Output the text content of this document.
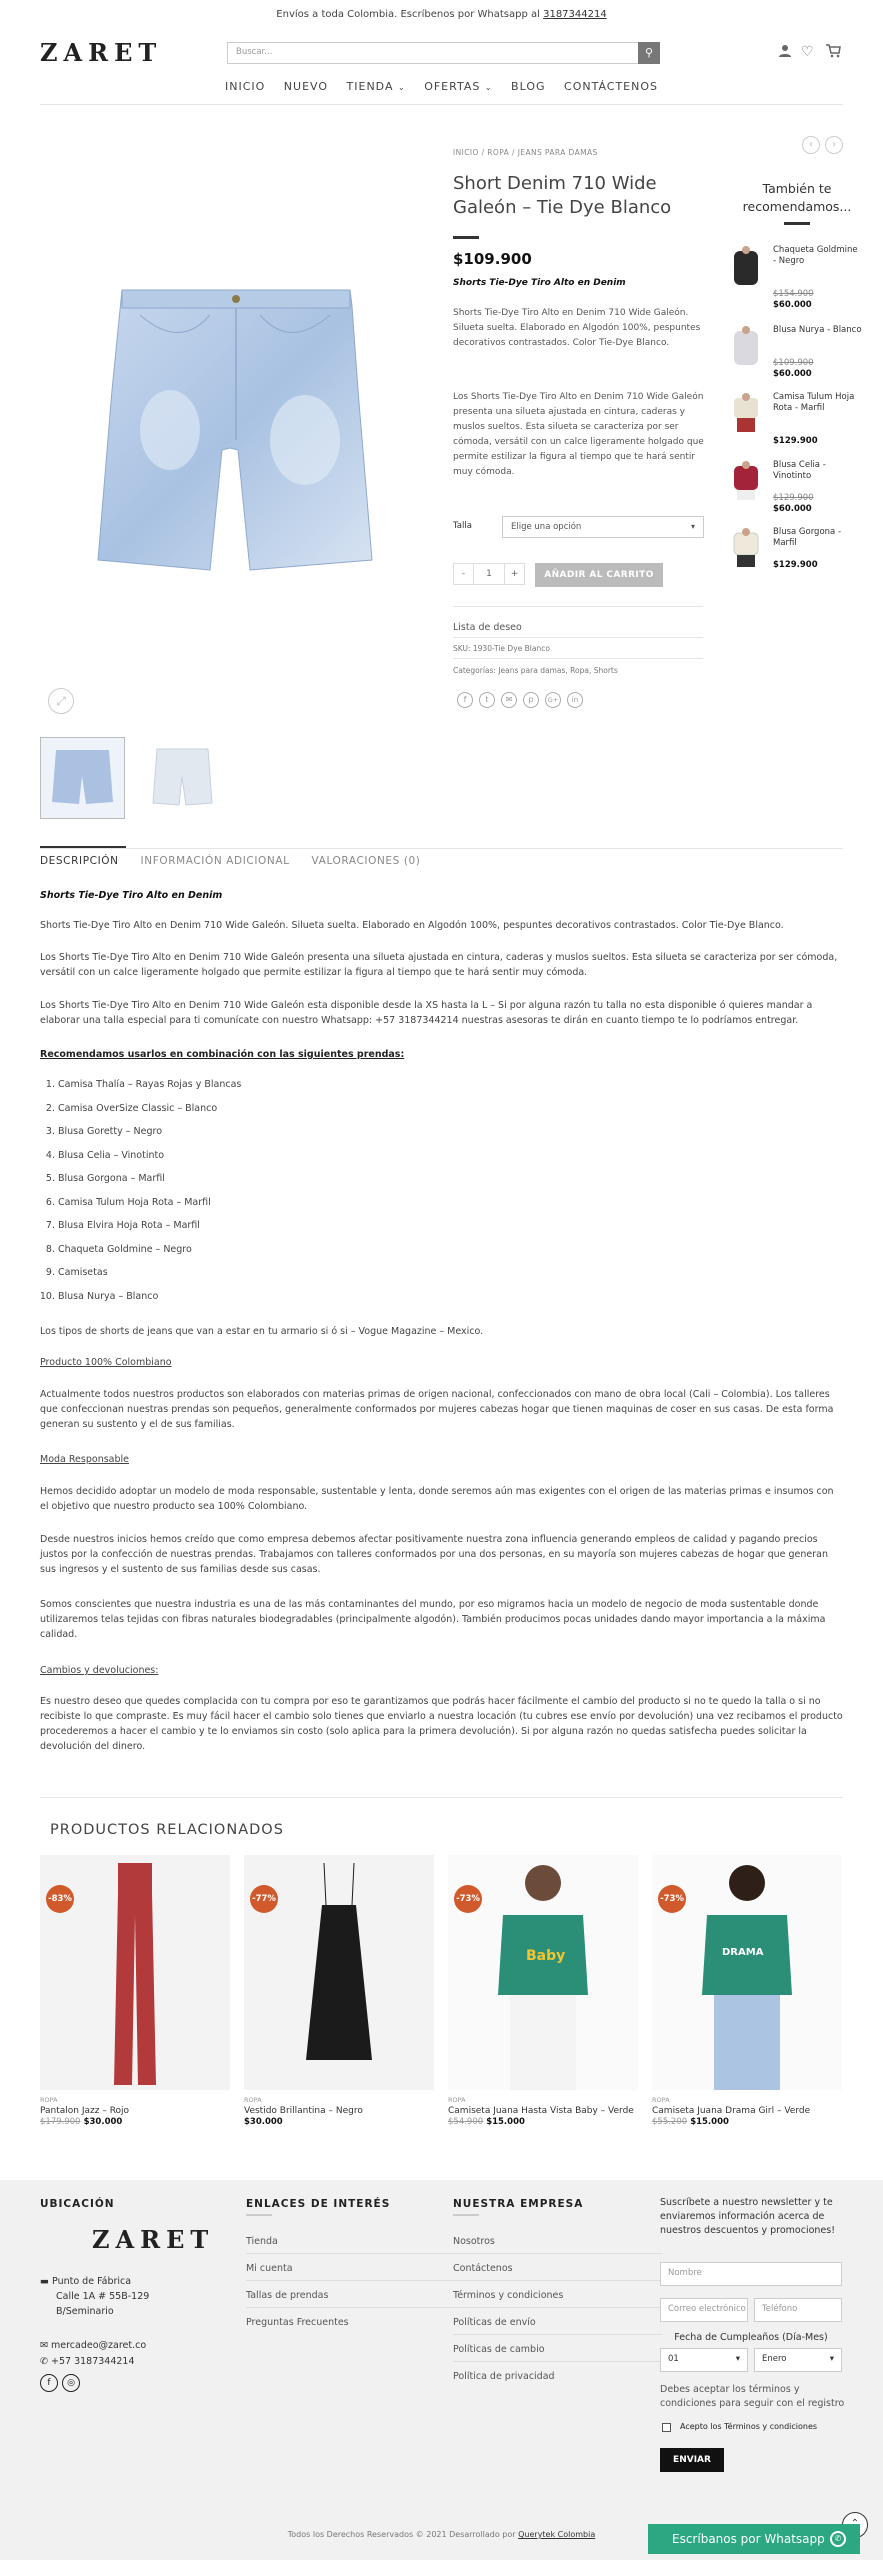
Envíos a toda Colombia. Escríbenos por Whatsapp al 3187344214
ZARET	Buscar...	⚲	♡
INICIO NUEVO TIENDA ⌄ OFERTAS ⌄ BLOG CONTÁCTENOS
⤢
INICIO / ROPA / JEANS PARA DAMAS
‹	›
Short Denim 710 Wide Galeón – Tie Dye Blanco
$109.900
Shorts Tie-Dye Tiro Alto en Denim
Shorts Tie-Dye Tiro Alto en Denim 710 Wide Galeón. Silueta suelta. Elaborado en Algodón 100%, pespuntes decorativos contrastados. Color Tie-Dye Blanco.
Los Shorts Tie-Dye Tiro Alto en Denim 710 Wide Galeón presenta una silueta ajustada en cintura, caderas y muslos sueltos. Esta silueta se caracteriza por ser cómoda, versátil con un calce ligeramente holgado que permite estilizar la figura al tiempo que te hará sentir muy cómoda.
Talla	Elige una opción	▾
-	1	+	AÑADIR AL CARRITO
Lista de deseo
SKU: 1930-Tie Dye Blanco
Categorías: Jeans para damas, Ropa, Shorts
f	t	✉	p	G+	in
También te recomendamos...
Chaqueta Goldmine - Negro
$154.900
$60.000
Blusa Nurya - Blanco
$109.900
$60.000
Camisa Tulum Hoja Rota - Marfil
$129.900
Blusa Celia - Vinotinto
$129.900
$60.000
Blusa Gorgona - Marfil
$129.900
DESCRIPCIÓN INFORMACIÓN ADICIONAL VALORACIONES (0)
Shorts Tie-Dye Tiro Alto en Denim
Shorts Tie-Dye Tiro Alto en Denim 710 Wide Galeón. Silueta suelta. Elaborado en Algodón 100%, pespuntes decorativos contrastados. Color Tie-Dye Blanco.
Los Shorts Tie-Dye Tiro Alto en Denim 710 Wide Galeón presenta una silueta ajustada en cintura, caderas y muslos sueltos. Esta silueta se caracteriza por ser cómoda, versátil con un calce ligeramente holgado que permite estilizar la figura al tiempo que te hará sentir muy cómoda.
Los Shorts Tie-Dye Tiro Alto en Denim 710 Wide Galeón esta disponible desde la XS hasta la L – Si por alguna razón tu talla no esta disponible ó quieres mandar a elaborar una talla especial para ti comunícate con nuestro Whatsapp: +57 3187344214 nuestras asesoras te dirán en cuanto tiempo te lo podríamos entregar.
Recomendamos usarlos en combinación con las siguientes prendas:
1. Camisa Thalía – Rayas Rojas y Blancas
2. Camisa OverSize Classic – Blanco
3. Blusa Goretty – Negro
4. Blusa Celia – Vinotinto
5. Blusa Gorgona – Marfil
6. Camisa Tulum Hoja Rota – Marfil
7. Blusa Elvira Hoja Rota – Marfil
8. Chaqueta Goldmine – Negro
9. Camisetas
10. Blusa Nurya – Blanco
Los tipos de shorts de jeans que van a estar en tu armario si ó si – Vogue Magazine – Mexico.
Producto 100% Colombiano
Actualmente todos nuestros productos son elaborados con materias primas de origen nacional, confeccionados con mano de obra local (Cali – Colombia). Los talleres que confeccionan nuestras prendas son pequeños, generalmente conformados por mujeres cabezas hogar que tienen maquinas de coser en sus casas. De esta forma generan su sustento y el de sus familias.
Moda Responsable
Hemos decidido adoptar un modelo de moda responsable, sustentable y lenta, donde seremos aún mas exigentes con el origen de las materias primas e insumos con el objetivo que nuestro producto sea 100% Colombiano.
Desde nuestros inicios hemos creído que como empresa debemos afectar positivamente nuestra zona influencia generando empleos de calidad y pagando precios justos por la confección de nuestras prendas. Trabajamos con talleres conformados por una dos personas, en su mayoría son mujeres cabezas de hogar que generan sus ingresos y el sustento de sus familias desde sus casas.
Somos conscientes que nuestra industria es una de las más contaminantes del mundo, por eso migramos hacia un modelo de negocio de moda sustentable donde utilizaremos telas tejidas con fibras naturales biodegradables (principalmente algodón). También producimos pocas unidades dando mayor importancia a la máxima calidad.
Cambios y devoluciones:
Es nuestro deseo que quedes complacida con tu compra por eso te garantizamos que podrás hacer fácilmente el cambio del producto si no te quedo la talla o si no recibiste lo que compraste. Es muy fácil hacer el cambio solo tienes que enviarlo a nuestra locación (tu cubres ese envío por devolución) una vez recibamos el producto procederemos a hacer el cambio y te lo enviamos sin costo (solo aplica para la primera devolución). Si por alguna razón no quedas satisfecha puedes solicitar la devolución del dinero.
PRODUCTOS RELACIONADOS
-83%
ROPA
Pantalon Jazz – Rojo
$179.900 $30.000
-77%
ROPA
Vestido Brillantina – Negro
$30.000
Baby
-73%
ROPA
Camiseta Juana Hasta Vista Baby – Verde
$54.900 $15.000
DRAMA
-73%
ROPA
Camiseta Juana Drama Girl – Verde
$55.200 $15.000
UBICACIÓN
ZARET
▬ Punto de Fábrica
Calle 1A # 55B-129
B/Seminario
✉ mercadeo@zaret.co
✆ +57 3187344214
f	◎
ENLACES DE INTERÉS
Tienda
Mi cuenta
Tallas de prendas
Preguntas Frecuentes
NUESTRA EMPRESA
Nosotros
Contáctenos
Términos y condiciones
Políticas de envío
Políticas de cambio
Política de privacidad
Suscríbete a nuestro newsletter y te enviaremos información acerca de nuestros descuentos y promociones!
Nombre
Correo electrónico	Teléfono
Fecha de Cumpleaños (Día-Mes)
01	▾	Enero	▾
Debes aceptar los términos y condiciones para seguir con el registro
Acepto los Términos y condiciones
ENVIAR
Todos los Derechos Reservados © 2021 Desarrollado por Querytek Colombia	Escríbanos por Whatsapp	✆
